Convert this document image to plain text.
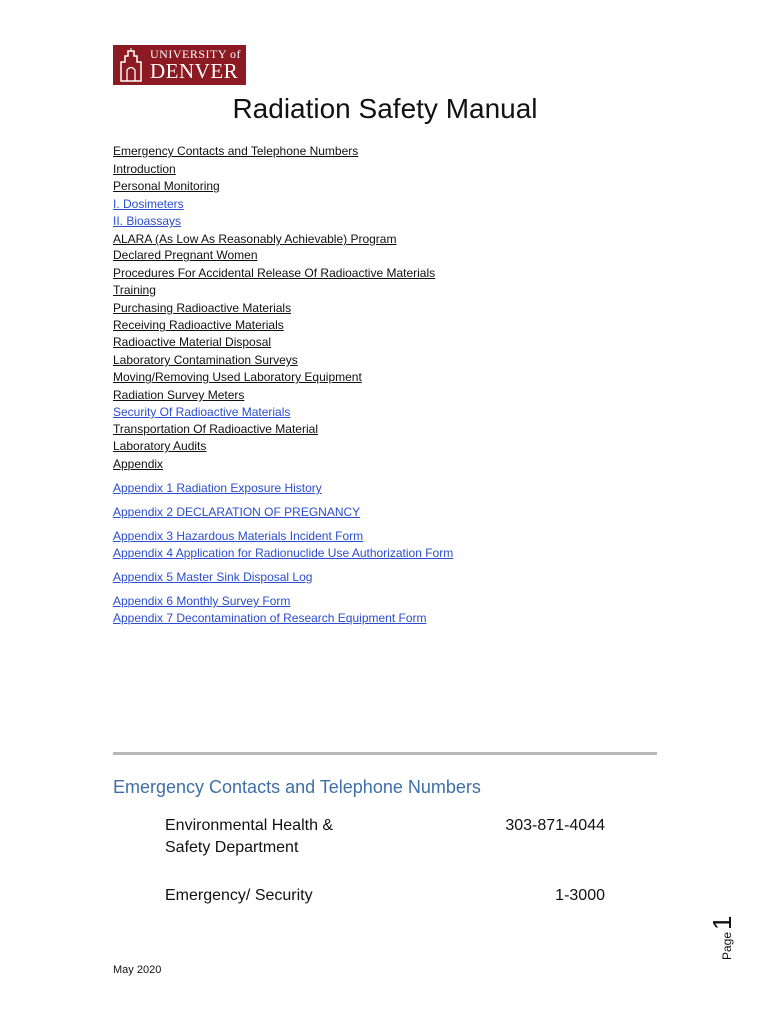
UNIVERSITY of
DENVER
Radiation Safety Manual
Emergency Contacts and Telephone Numbers
Introduction
Personal Monitoring
I. Dosimeters
II. Bioassays
ALARA (As Low As Reasonably Achievable) Program
Declared Pregnant Women
Procedures For Accidental Release Of Radioactive Materials
Training
Purchasing Radioactive Materials
Receiving Radioactive Materials
Radioactive Material Disposal
Laboratory Contamination Surveys
Moving/Removing Used Laboratory Equipment
Radiation Survey Meters
Security Of Radioactive Materials
Transportation Of Radioactive Material
Laboratory Audits
Appendix
Appendix 1 Radiation Exposure History
Appendix 2 DECLARATION OF PREGNANCY
Appendix 3 Hazardous Materials Incident Form
Appendix 4 Application for Radionuclide Use Authorization Form
Appendix 5 Master Sink Disposal Log
Appendix 6 Monthly Survey Form
Appendix 7 Decontamination of Research Equipment Form
Emergency Contacts and Telephone Numbers
Environmental Health &
Safety Department
303-871-4044
Emergency/ Security	1-3000
Page
1
May 2020
